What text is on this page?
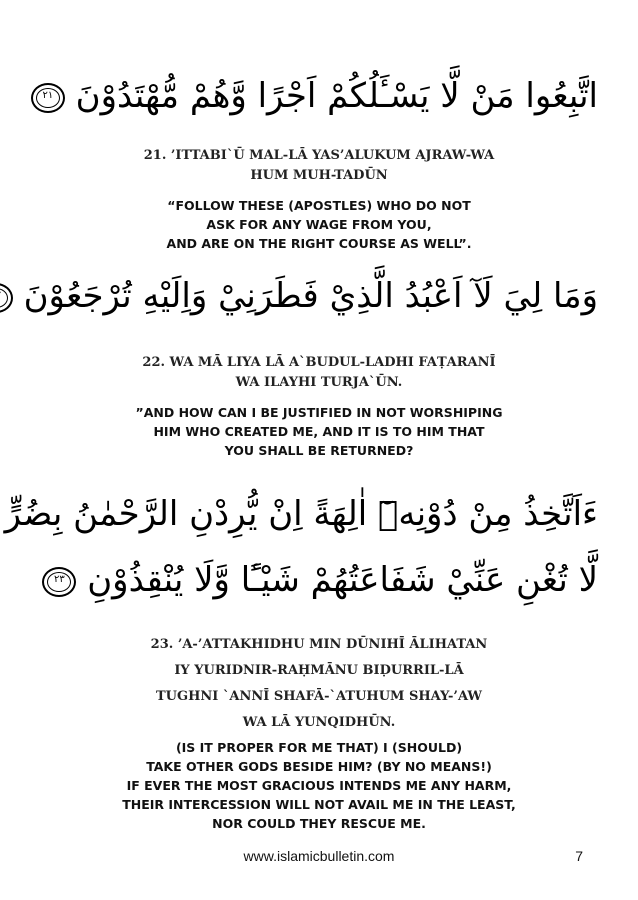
اتَّبِعُوا مَنْ لَّا يَسْـَٔلُكُمْ اَجْرًا وَّهُمْ مُّهْتَدُوْنَ ٢١
21. ’ITTABI`Ū MAL-LĀ YAS’ALUKUM AJRAW-WA
HUM MUH-TADŪN
“FOLLOW THESE (APOSTLES) WHO DO NOT
ASK FOR ANY WAGE FROM YOU,
AND ARE ON THE RIGHT COURSE AS WELL”.
وَمَا لِيَ لَآ اَعْبُدُ الَّذِيْ فَطَرَنِيْ وَاِلَيْهِ تُرْجَعُوْنَ
22. WA MĀ LIYA LĀ A`BUDUL-LADHI FAṬARANĪ
WA ILAYHI TURJA`ŪN.
”AND HOW CAN I BE JUSTIFIED IN NOT WORSHIPING
HIM WHO CREATED ME, AND IT IS TO HIM THAT
YOU SHALL BE RETURNED?
ءَاَتَّخِذُ مِنْ دُوْنِهٖٓ اٰلِهَةً اِنْ يُّرِدْنِ الرَّحْمٰنُ بِضُرٍّ
لَّا تُغْنِ عَنِّيْ شَفَاعَتُهُمْ شَيْـًٔا وَّلَا يُنْقِذُوْنِ ٢٣
23. ’A-’ATTAKHIDHU MIN DŪNIHĪ ĀLIHATAN
IY YURIDNIR-RAḤMĀNU BIḌURRIL-LĀ
TUGHNI `ANNĪ SHAFĀ-`ATUHUM SHAY-’AW
WA LĀ YUNQIDHŪN.
(IS IT PROPER FOR ME THAT) I (SHOULD)
TAKE OTHER GODS BESIDE HIM? (BY NO MEANS!)
IF EVER THE MOST GRACIOUS INTENDS ME ANY HARM,
THEIR INTERCESSION WILL NOT AVAIL ME IN THE LEAST,
NOR COULD THEY RESCUE ME.
www.islamicbulletin.com	7
